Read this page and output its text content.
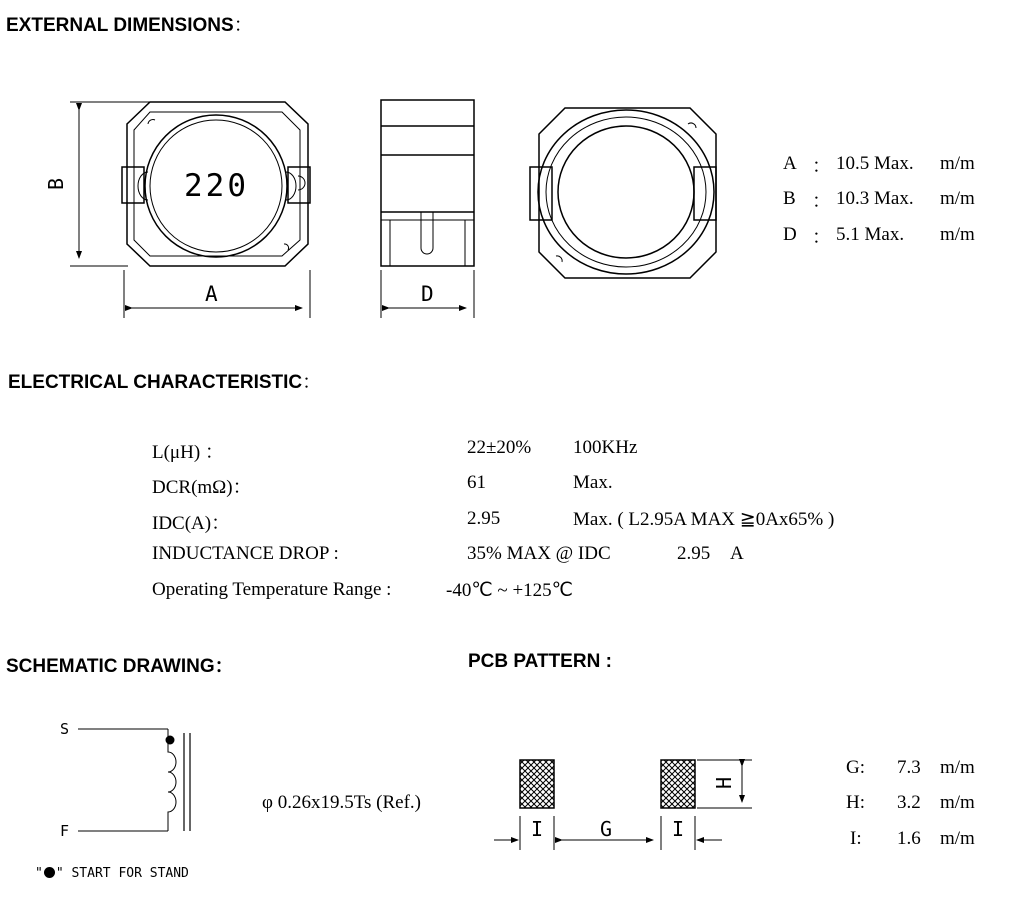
EXTERNAL DIMENSIONS：
ELECTRICAL CHARACTERISTIC：
SCHEMATIC DRAWING：	PCB PATTERN :
220
B
A	D
A ： 10.5 Max. m/m
B ： 10.3 Max. m/m
D ： 5.1 Max. m/m
L(μH) ：	22±20% 100KHz
DCR(mΩ)：	61	Max.
IDC(A)：	2.95	Max. ( L2.95A MAX ≧0Ax65% )
INDUCTANCE DROP :	35% MAX @ IDC	2.95 A
Operating Temperature Range :	-40℃ ~ +125℃
S
F
φ 0.26x19.5Ts (Ref.)
" " START FOR STAND
G
I	I
H
G: 7.3 m/m
H: 3.2 m/m
I: 1.6 m/m
